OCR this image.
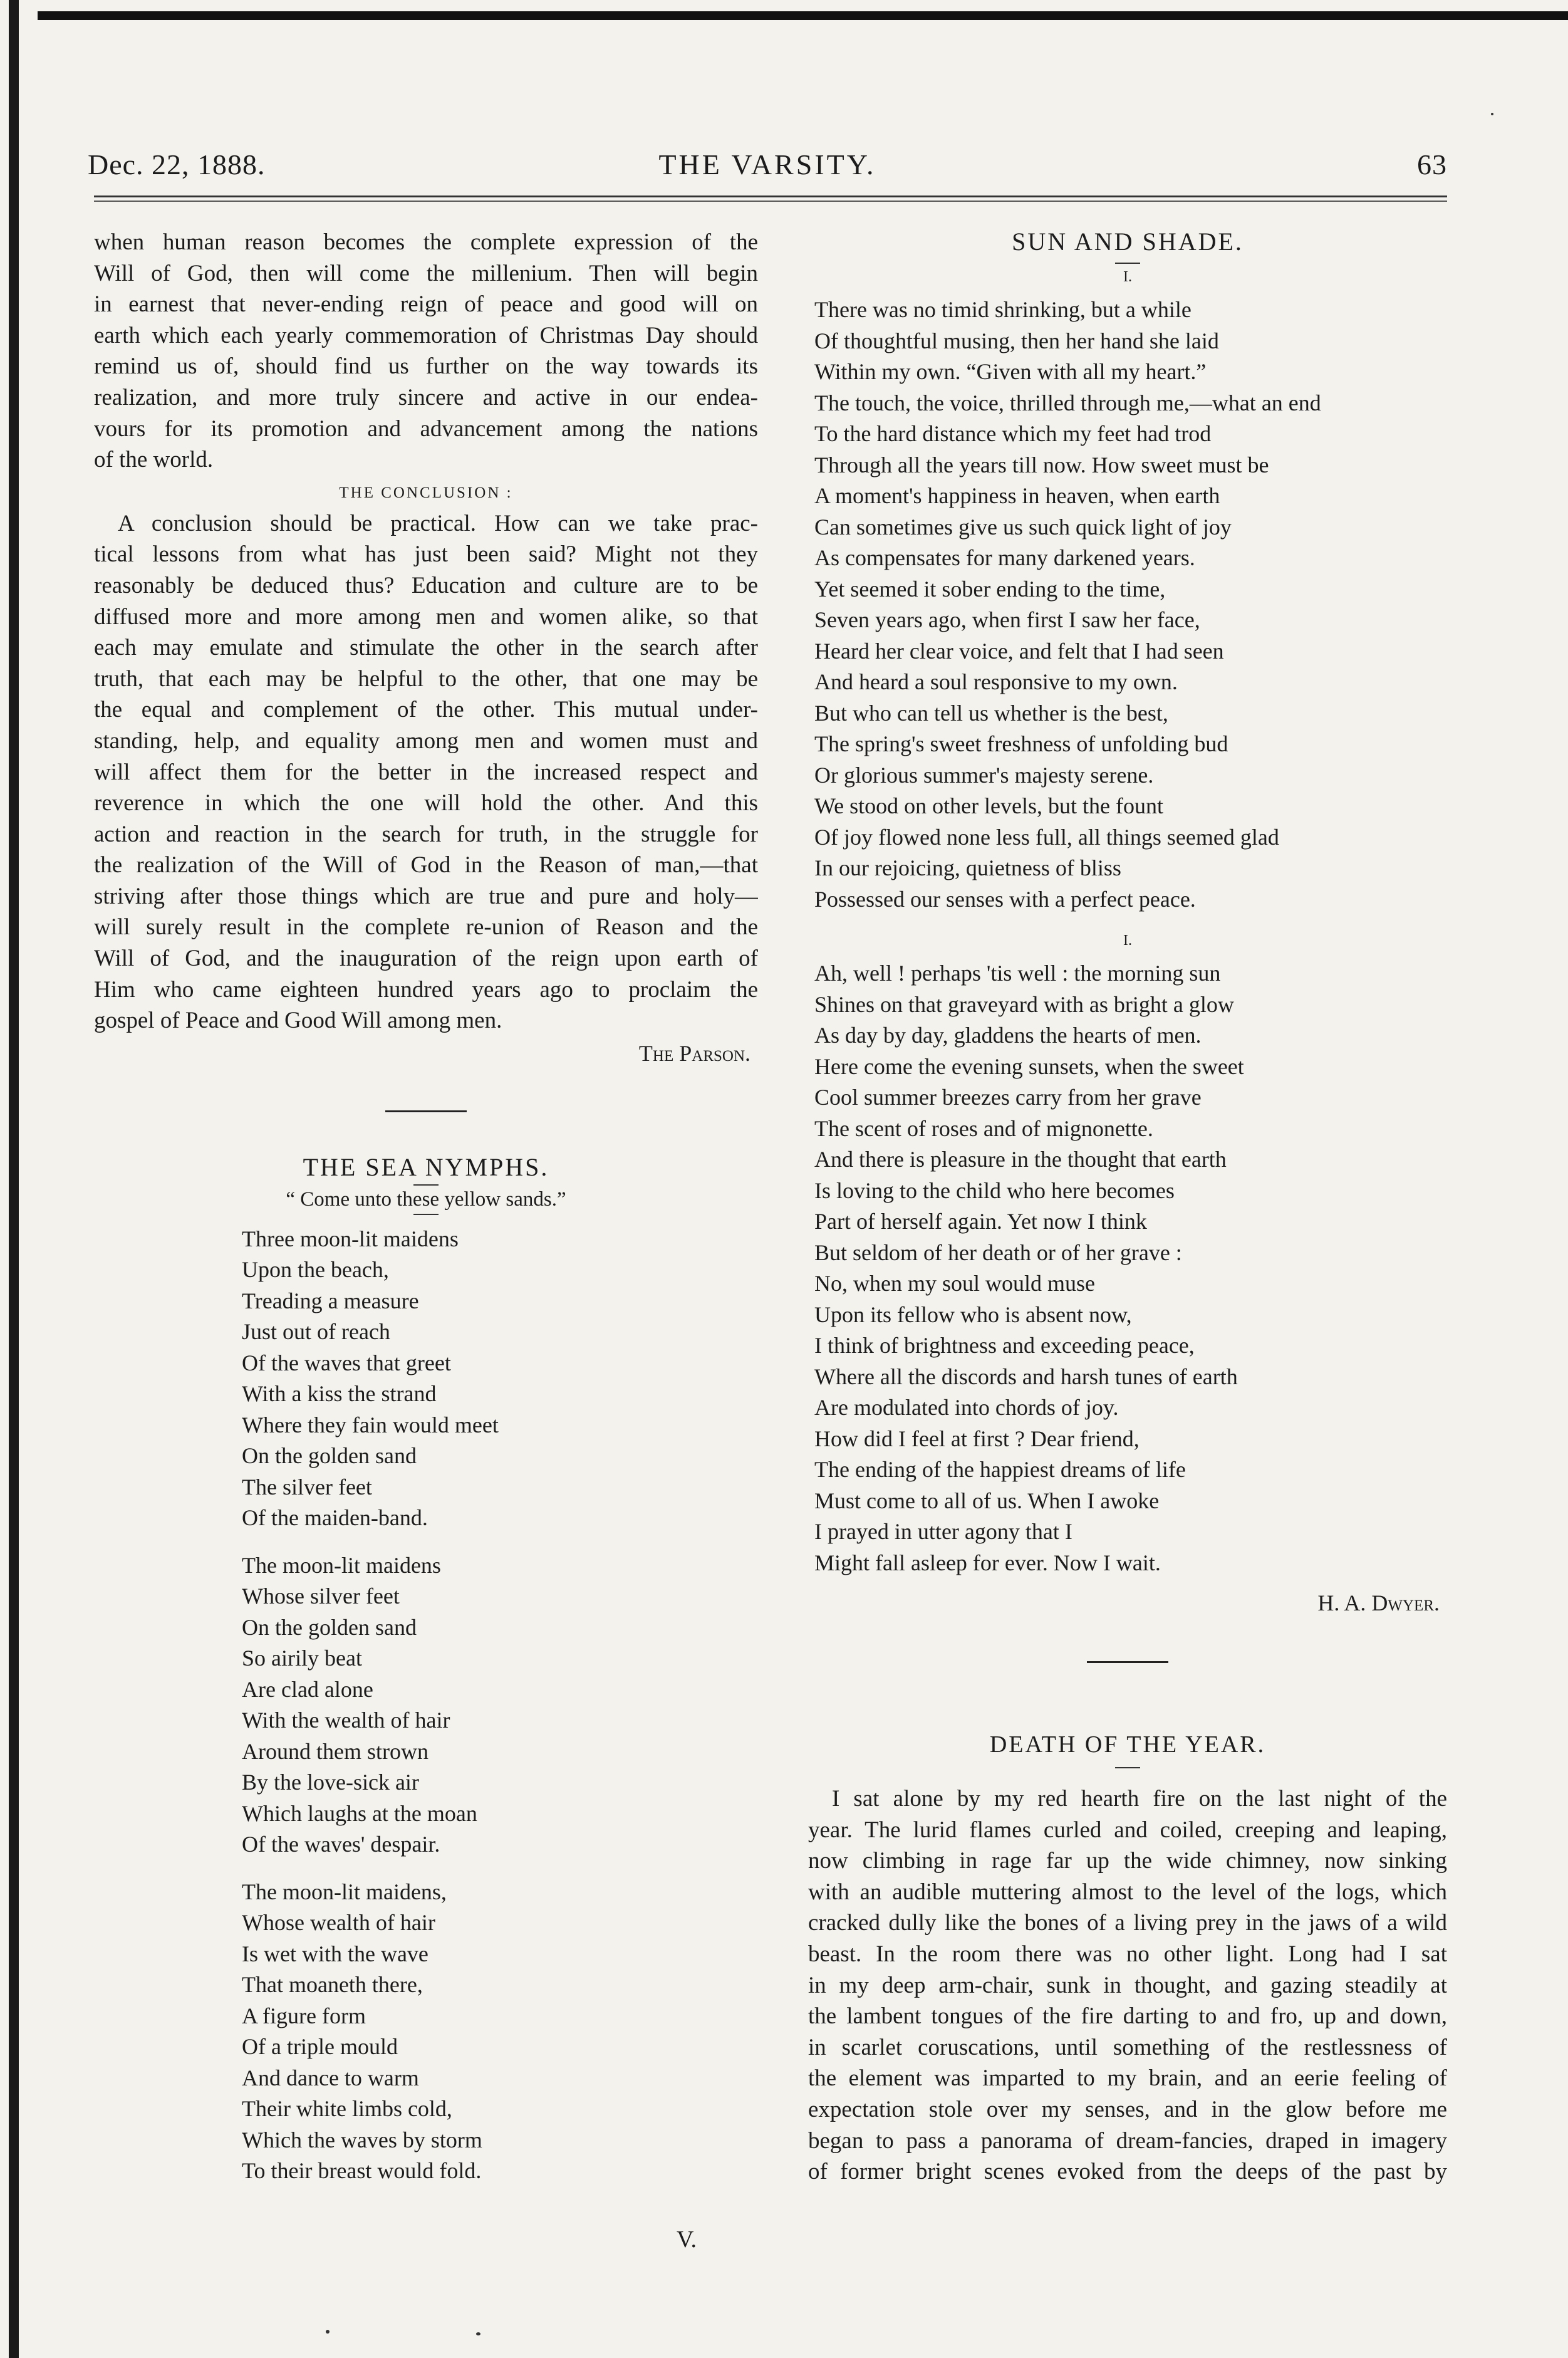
Dec. 22, 1888.	THE VARSITY.	63
when human reason becomes the complete expression of the
Will of God, then will come the millenium. Then will begin
in earnest that never-ending reign of peace and good will on
earth which each yearly commemoration of Christmas Day should
remind us of, should find us further on the way towards its
realization, and more truly sincere and active in our endea-
vours for its promotion and advancement among the nations
of the world.
THE CONCLUSION :
A conclusion should be practical. How can we take prac-
tical lessons from what has just been said? Might not they
reasonably be deduced thus? Education and culture are to be
diffused more and more among men and women alike, so that
each may emulate and stimulate the other in the search after
truth, that each may be helpful to the other, that one may be
the equal and complement of the other. This mutual under-
standing, help, and equality among men and women must and
will affect them for the better in the increased respect and
reverence in which the one will hold the other. And this
action and reaction in the search for truth, in the struggle for
the realization of the Will of God in the Reason of man,—that
striving after those things which are true and pure and holy—
will surely result in the complete re-union of Reason and the
Will of God, and the inauguration of the reign upon earth of
Him who came eighteen hundred years ago to proclaim the
gospel of Peace and Good Will among men.
The Parson.
THE SEA NYMPHS.
“ Come unto these yellow sands.”
Three moon-lit maidens
Upon the beach,
Treading a measure
Just out of reach
Of the waves that greet
With a kiss the strand
Where they fain would meet
On the golden sand
The silver feet
Of the maiden-band.
The moon-lit maidens
Whose silver feet
On the golden sand
So airily beat
Are clad alone
With the wealth of hair
Around them strown
By the love-sick air
Which laughs at the moan
Of the waves' despair.
The moon-lit maidens,
Whose wealth of hair
Is wet with the wave
That moaneth there,
A figure form
Of a triple mould
And dance to warm
Their white limbs cold,
Which the waves by storm
To their breast would fold.
V.
SUN AND SHADE.
I.
There was no timid shrinking, but a while
Of thoughtful musing, then her hand she laid
Within my own. “Given with all my heart.”
The touch, the voice, thrilled through me,—what an end
To the hard distance which my feet had trod
Through all the years till now. How sweet must be
A moment's happiness in heaven, when earth
Can sometimes give us such quick light of joy
As compensates for many darkened years.
Yet seemed it sober ending to the time,
Seven years ago, when first I saw her face,
Heard her clear voice, and felt that I had seen
And heard a soul responsive to my own.
But who can tell us whether is the best,
The spring's sweet freshness of unfolding bud
Or glorious summer's majesty serene.
We stood on other levels, but the fount
Of joy flowed none less full, all things seemed glad
In our rejoicing, quietness of bliss
Possessed our senses with a perfect peace.
I.
Ah, well ! perhaps 'tis well : the morning sun
Shines on that graveyard with as bright a glow
As day by day, gladdens the hearts of men.
Here come the evening sunsets, when the sweet
Cool summer breezes carry from her grave
The scent of roses and of mignonette.
And there is pleasure in the thought that earth
Is loving to the child who here becomes
Part of herself again. Yet now I think
But seldom of her death or of her grave :
No, when my soul would muse
Upon its fellow who is absent now,
I think of brightness and exceeding peace,
Where all the discords and harsh tunes of earth
Are modulated into chords of joy.
How did I feel at first ? Dear friend,
The ending of the happiest dreams of life
Must come to all of us. When I awoke
I prayed in utter agony that I
Might fall asleep for ever. Now I wait.
H. A. Dwyer.
DEATH OF THE YEAR.
I sat alone by my red hearth fire on the last night of the
year. The lurid flames curled and coiled, creeping and leaping,
now climbing in rage far up the wide chimney, now sinking
with an audible muttering almost to the level of the logs, which
cracked dully like the bones of a living prey in the jaws of a wild
beast. In the room there was no other light. Long had I sat
in my deep arm-chair, sunk in thought, and gazing steadily at
the lambent tongues of the fire darting to and fro, up and down,
in scarlet coruscations, until something of the restlessness of
the element was imparted to my brain, and an eerie feeling of
expectation stole over my senses, and in the glow before me
began to pass a panorama of dream-fancies, draped in imagery
of former bright scenes evoked from the deeps of the past by
